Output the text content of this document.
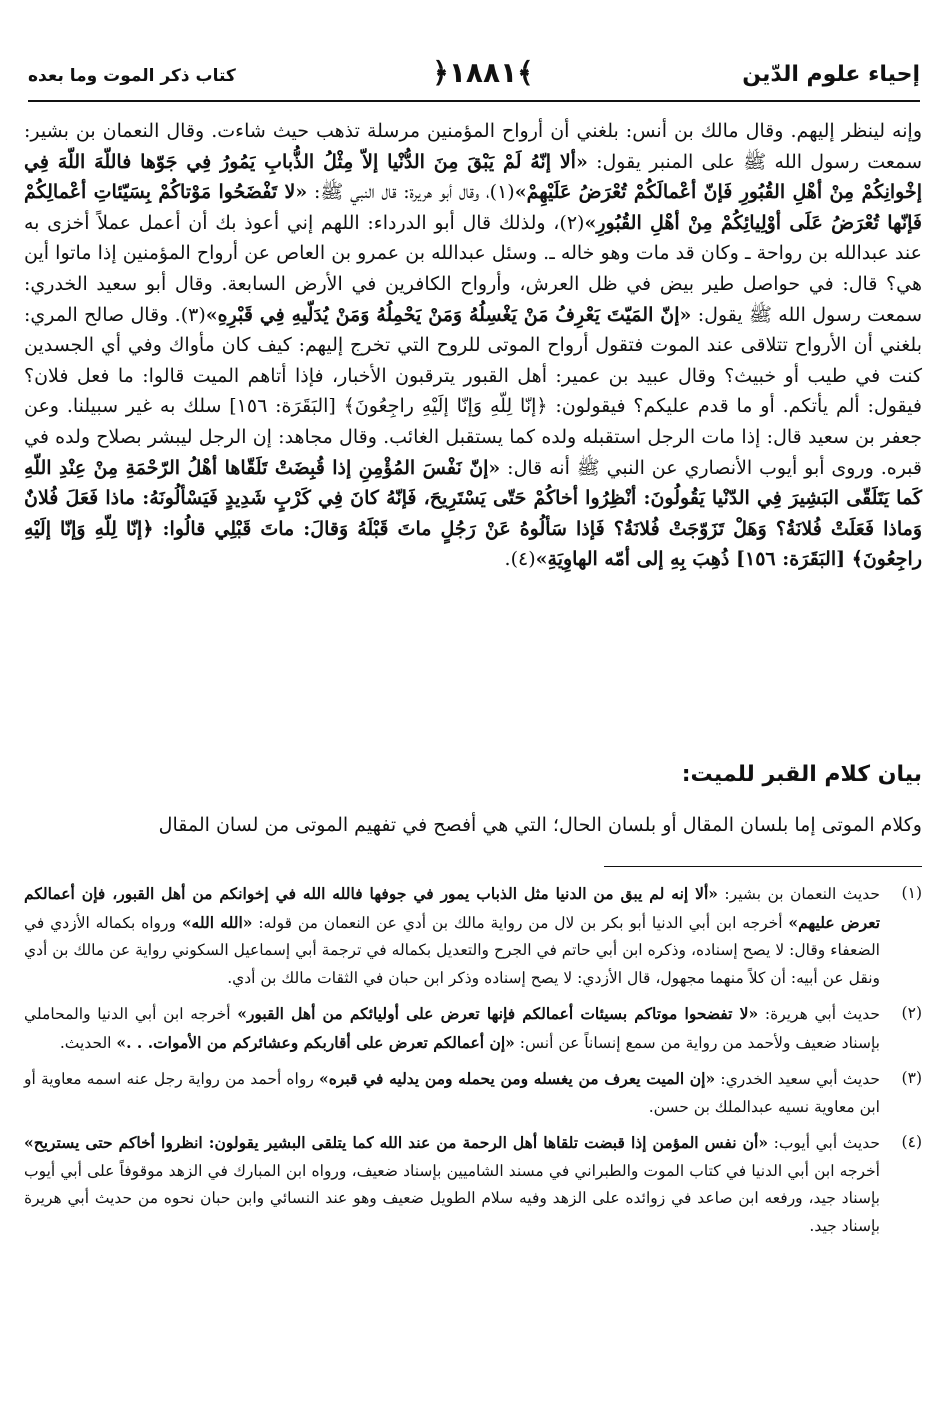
إحياء علوم الدّين
﴿١٨٨١﴾
كتاب ذكر الموت وما بعده

وإنه لينظر إليهم. وقال مالك بن أنس: بلغني أن أرواح المؤمنين مرسلة تذهب حيث شاءت. وقال النعمان بن بشير: سمعت رسول الله ﷺ على المنبر يقول: «ألا إنّهُ لَمْ يَبْقَ مِنَ الدُّنْيا إلاّ مِثْلُ الذُّبابِ يَمُورُ فِي جَوّها فاللّهَ اللّهَ فِي إخْوانِكُمْ مِنْ أهْلِ القُبُورِ فَإنّ أعْمالَكُمْ تُعْرَضُ عَلَيْهِمْ»(١)، وقال أبو هريرة: قال النبي ﷺ: «لا تَفْضَحُوا مَوْتاكُمْ بِسَيّئاتِ أعْمالِكُمْ فَإنّها تُعْرَضُ عَلَى أوْلِيائِكُمْ مِنْ أهْلِ القُبُورِ»(٢)، ولذلك قال أبو الدرداء: اللهم إني أعوذ بك أن أعمل عملاً أخزى به عند عبدالله بن رواحة ـ وكان قد مات وهو خاله ـ. وسئل عبدالله بن عمرو بن العاص عن أرواح المؤمنين إذا ماتوا أين هي؟ قال: في حواصل طير بيض في ظل العرش، وأرواح الكافرين في الأرض السابعة. وقال أبو سعيد الخدري: سمعت رسول الله ﷺ يقول: «إنّ المَيّتَ يَعْرِفُ مَنْ يَغْسِلُهُ وَمَنْ يَحْمِلُهُ وَمَنْ يُدَلّيهِ فِي قَبْرِهِ»(٣). وقال صالح المري: بلغني أن الأرواح تتلاقى عند الموت فتقول أرواح الموتى للروح التي تخرج إليهم: كيف كان مأواك وفي أي الجسدين كنت في طيب أو خبيث؟ وقال عبيد بن عمير: أهل القبور يترقبون الأخبار، فإذا أتاهم الميت قالوا: ما فعل فلان؟ فيقول: ألم يأتكم. أو ما قدم عليكم؟ فيقولون: ﴿إنّا لِلّهِ وَإنّا إلَيْهِ راجِعُونَ﴾ [البَقَرَة: ١٥٦] سلك به غير سبيلنا. وعن جعفر بن سعيد قال: إذا مات الرجل استقبله ولده كما يستقبل الغائب. وقال مجاهد: إن الرجل ليبشر بصلاح ولده في قبره. وروى أبو أيوب الأنصاري عن النبي ﷺ أنه قال: «إنّ نَفْسَ المُؤْمِنِ إذا قُبِضَتْ تَلَقّاها أهْلُ الرّحْمَةِ مِنْ عِنْدِ اللّهِ كَما يَتَلَقّى البَشِيرَ فِي الدّنْيا يَقُولُونَ: أنْظِرُوا أخاكُمْ حَتّى يَسْتَرِيحَ، فَإنّهُ كانَ فِي كَرْبٍ شَدِيدٍ فَيَسْألُونَهُ: ماذا فَعَلَ فُلانٌ وَماذا فَعَلَتْ فُلانَةُ؟ وَهَلْ تَزَوّجَتْ فُلانَةُ؟ فَإذا سَألُوهُ عَنْ رَجُلٍ ماتَ قَبْلَهُ وَقالَ: ماتَ قَبْلِي قالُوا: ﴿إنّا لِلّهِ وَإنّا إلَيْهِ راجِعُونَ﴾ [البَقَرَة: ١٥٦] ذُهِبَ بِهِ إلى أمّه الهاوِيَةِ»(٤).

بيان كلام القبر للميت:

وكلام الموتى إما بلسان المقال أو بلسان الحال؛ التي هي أفصح في تفهيم الموتى من لسان المقال

(١)

حديث النعمان بن بشير: «ألا إنه لم يبق من الدنيا مثل الذباب يمور في جوفها فالله الله في إخوانكم من أهل القبور، فإن أعمالكم تعرض عليهم» أخرجه ابن أبي الدنيا أبو بكر بن لال من رواية مالك بن أدي عن النعمان من قوله: «الله الله» ورواه بكماله الأزدي في الضعفاء وقال: لا يصح إسناده، وذكره ابن أبي حاتم في الجرح والتعديل بكماله في ترجمة أبي إسماعيل السكوني رواية عن مالك بن أدي ونقل عن أبيه: أن كلاً منهما مجهول، قال الأزدي: لا يصح إسناده وذكر ابن حبان في الثقات مالك بن أدي.

(٢)

حديث أبي هريرة: «لا تفضحوا موتاكم بسيئات أعمالكم فإنها تعرض على أوليائكم من أهل القبور» أخرجه ابن أبي الدنيا والمحاملي بإسناد ضعيف ولأحمد من رواية من سمع إنساناً عن أنس: «إن أعمالكم تعرض على أقاربكم وعشائركم من الأموات. . .» الحديث.

(٣)

حديث أبي سعيد الخدري: «إن الميت يعرف من يغسله ومن يحمله ومن يدليه في قبره» رواه أحمد من رواية رجل عنه اسمه معاوية أو ابن معاوية نسيه عبدالملك بن حسن.

(٤)

حديث أبي أيوب: «أن نفس المؤمن إذا قبضت تلقاها أهل الرحمة من عند الله كما يتلقى البشير يقولون: انظروا أخاكم حتى يستريح» أخرجه ابن أبي الدنيا في كتاب الموت والطبراني في مسند الشاميين بإسناد ضعيف، ورواه ابن المبارك في الزهد موقوفاً على أبي أيوب بإسناد جيد، ورفعه ابن صاعد في زوائده على الزهد وفيه سلام الطويل ضعيف وهو عند النسائي وابن حبان نحوه من حديث أبي هريرة بإسناد جيد.
